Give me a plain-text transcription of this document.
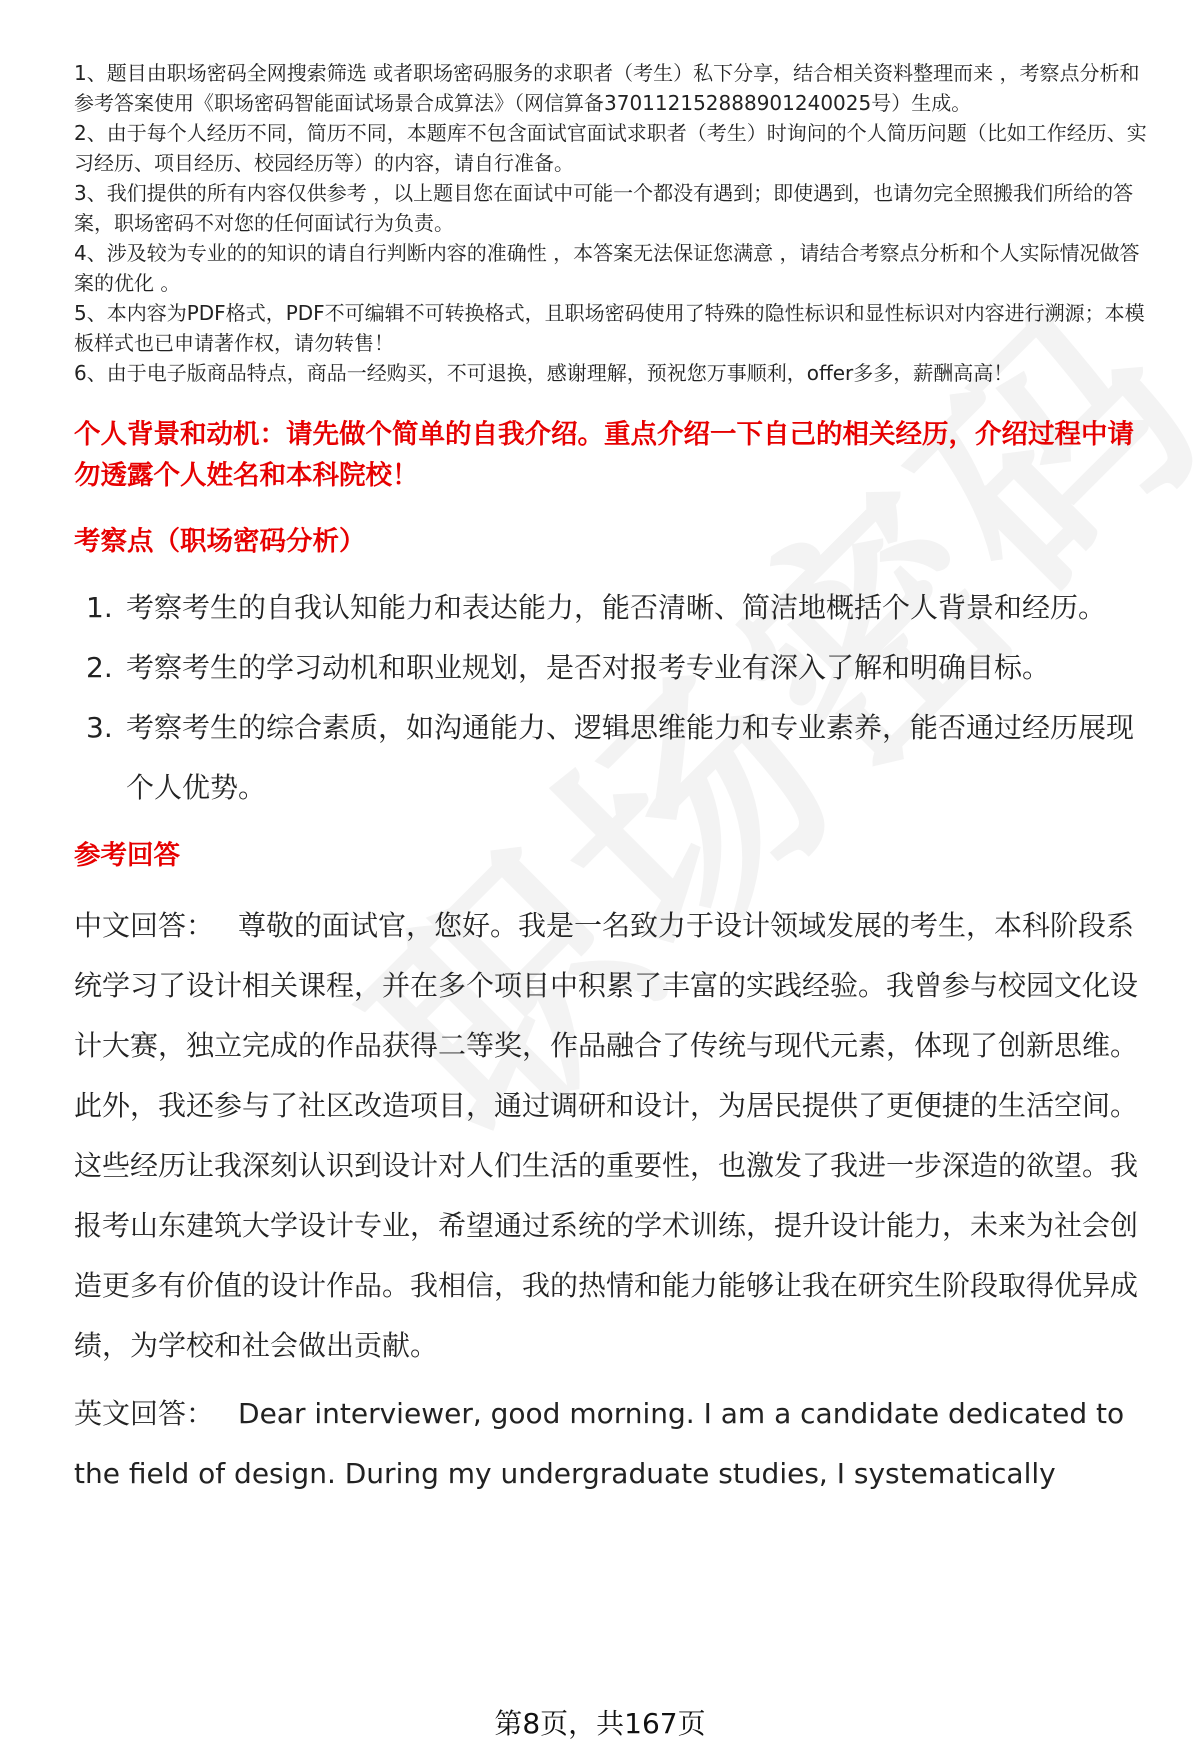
1、题目由职场密码全网搜索筛选 或者职场密码服务的求职者（考生）私下分享，结合相关资料整理而来 ，考察点分析和参考答案使用《职场密码智能面试场景合成算法》（网信算备370112152888901240025号）生成。

2、由于每个人经历不同，简历不同，本题库不包含面试官面试求职者（考生）时询问的个人简历问题（比如工作经历、实习经历、项目经历、校园经历等）的内容，请自行准备。

3、我们提供的所有内容仅供参考 ，以上题目您在面试中可能一个都没有遇到；即使遇到，也请勿完全照搬我们所给的答案，职场密码不对您的任何面试行为负责。

4、涉及较为专业的的知识的请自行判断内容的准确性 ，本答案无法保证您满意 ，请结合考察点分析和个人实际情况做答案的优化 。

5、本内容为PDF格式，PDF不可编辑不可转换格式，且职场密码使用了特殊的隐性标识和显性标识对内容进行溯源；本模板样式也已申请著作权，请勿转售！

6、由于电子版商品特点，商品一经购买，不可退换，感谢理解，预祝您万事顺利，offer多多，薪酬高高！

个人背景和动机：请先做个简单的自我介绍。重点介绍一下自己的相关经历，介绍过程中请勿透露个人姓名和本科院校！
考察点（职场密码分析）
1. 考察考生的自我认知能力和表达能力，能否清晰、简洁地概括个人背景和经历。
2. 考察考生的学习动机和职业规划，是否对报考专业有深入了解和明确目标。
3. 考察考生的综合素质，如沟通能力、逻辑思维能力和专业素养，能否通过经历展现个人优势。
参考回答

中文回答： 尊敬的面试官，您好。我是一名致力于设计领域发展的考生，本科阶段系统学习了设计相关课程，并在多个项目中积累了丰富的实践经验。我曾参与校园文化设计大赛，独立完成的作品获得二等奖，作品融合了传统与现代元素，体现了创新思维。此外，我还参与了社区改造项目，通过调研和设计，为居民提供了更便捷的生活空间。这些经历让我深刻认识到设计对人们生活的重要性，也激发了我进一步深造的欲望。我报考山东建筑大学设计专业，希望通过系统的学术训练，提升设计能力，未来为社会创造更多有价值的设计作品。我相信，我的热情和能力能够让我在研究生阶段取得优异成绩，为学校和社会做出贡献。

英文回答： Dear interviewer, good morning. I am a candidate dedicated to the field of design. During my undergraduate studies, I systematically

第8页，共167页
